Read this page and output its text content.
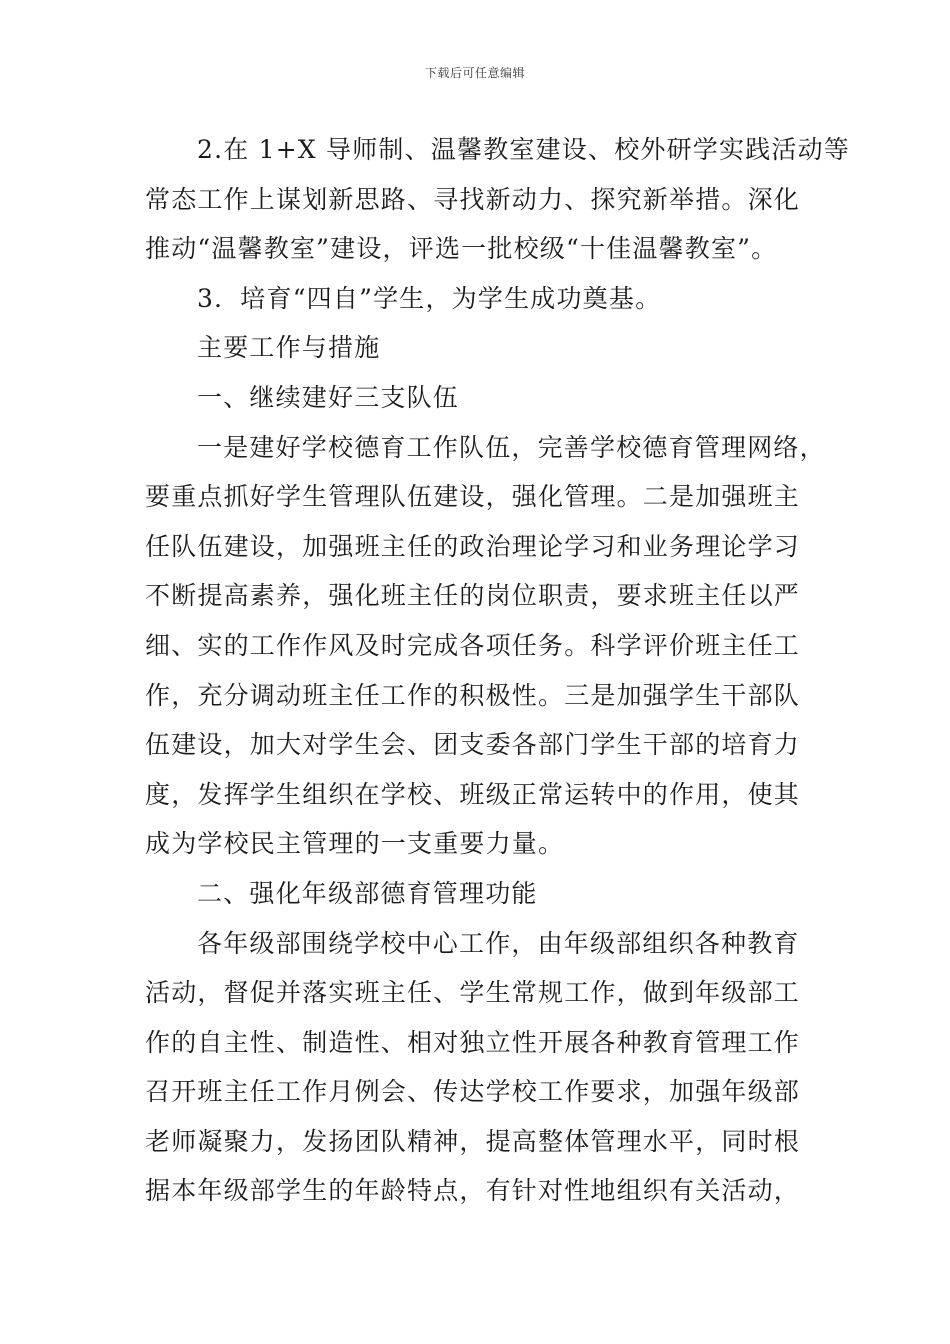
下载后可任意编辑
2.在 1+X 导师制、温馨教室建设、校外研学实践活动等
常态工作上谋划新思路、寻找新动力、探究新举措。深化
推动“温馨教室”建设，评选一批校级“十佳温馨教室”。
3．培育“四自”学生，为学生成功奠基。
主要工作与措施
一、继续建好三支队伍
一是建好学校德育工作队伍，完善学校德育管理网络，
要重点抓好学生管理队伍建设，强化管理。二是加强班主
任队伍建设，加强班主任的政治理论学习和业务理论学习
不断提高素养，强化班主任的岗位职责，要求班主任以严
细、实的工作作风及时完成各项任务。科学评价班主任工
作，充分调动班主任工作的积极性。三是加强学生干部队
伍建设，加大对学生会、团支委各部门学生干部的培育力
度，发挥学生组织在学校、班级正常运转中的作用，使其
成为学校民主管理的一支重要力量。
二、强化年级部德育管理功能
各年级部围绕学校中心工作，由年级部组织各种教育
活动，督促并落实班主任、学生常规工作，做到年级部工
作的自主性、制造性、相对独立性开展各种教育管理工作
召开班主任工作月例会、传达学校工作要求，加强年级部
老师凝聚力，发扬团队精神，提高整体管理水平，同时根
据本年级部学生的年龄特点，有针对性地组织有关活动，
